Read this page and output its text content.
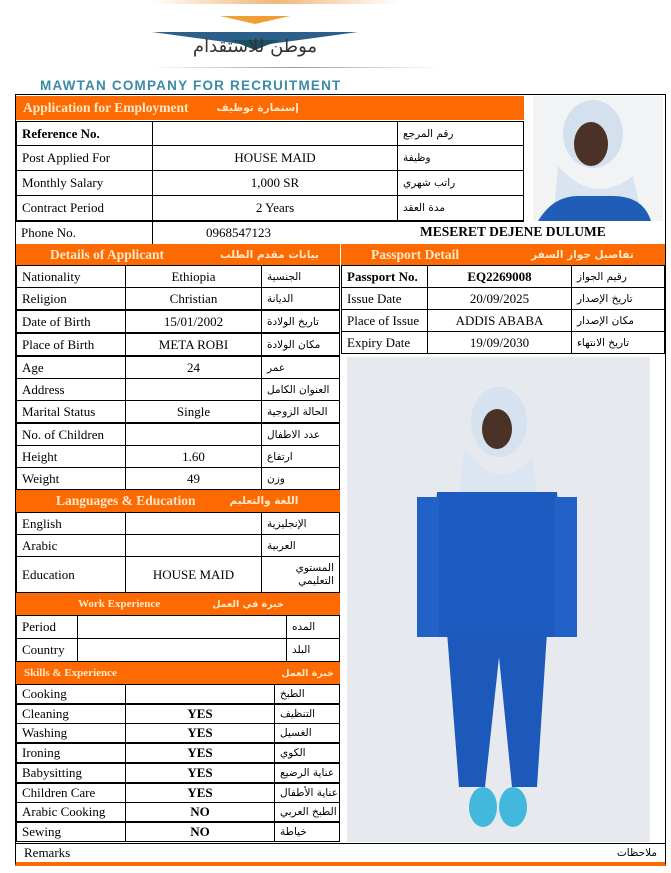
موطن للاستقدام
MAWTAN COMPANY FOR RECRUITMENT
Application for Employment	إستمارة توظيف
Reference No.	رقم المرجع
Post Applied For	HOUSE MAID	وظيفة
Monthly Salary	1,000 SR	راتب شهري
Contract Period	2 Years	مدة العقد
Phone No.	0968547123	MESERET DEJENE DULUME
Details of Applicant	بيانات مقدم الطلب	Passport Detail	تفاصيل جواز السفر
Nationality	Ethiopia	الجنسية
Religion	Christian	الديانة
Date of Birth	15/01/2002	تاريخ الولادة
Place of Birth	META ROBI	مكان الولادة
Age	24	عمر
Address	العنوان الكامل
Marital Status	Single	الحالة الزوجية
No. of Children	عدد الاطفال
Height	1.60	ارتفاع
Weight	49	وزن
Passport No.	EQ2269008	رقيم الجواز
Issue Date	20/09/2025	تاريخ الإصدار
Place of Issue	ADDIS ABABA	مكان الإصدار
Expiry Date	19/09/2030	تاريخ الانتهاء
Languages & Education	اللغة والتعليم
English	الإنجليزية
Arabic	العربية
Education	HOUSE MAID	المستوي التعليمي
Work Experience	خبرة في العمل
Period	المده
Country	البلد
Skills & Experience	خبرة العمل
Cooking	الطبخ
Cleaning	YES	التنظيف
Washing	YES	الغسيل
Ironing	YES	الكوي
Babysitting	YES	عناية الرضيع
Children Care	YES	عناية الأطفال
Arabic Cooking	NO	الطبخ العربي
Sewing	NO	خياطة
Remarks	ملاحظات
